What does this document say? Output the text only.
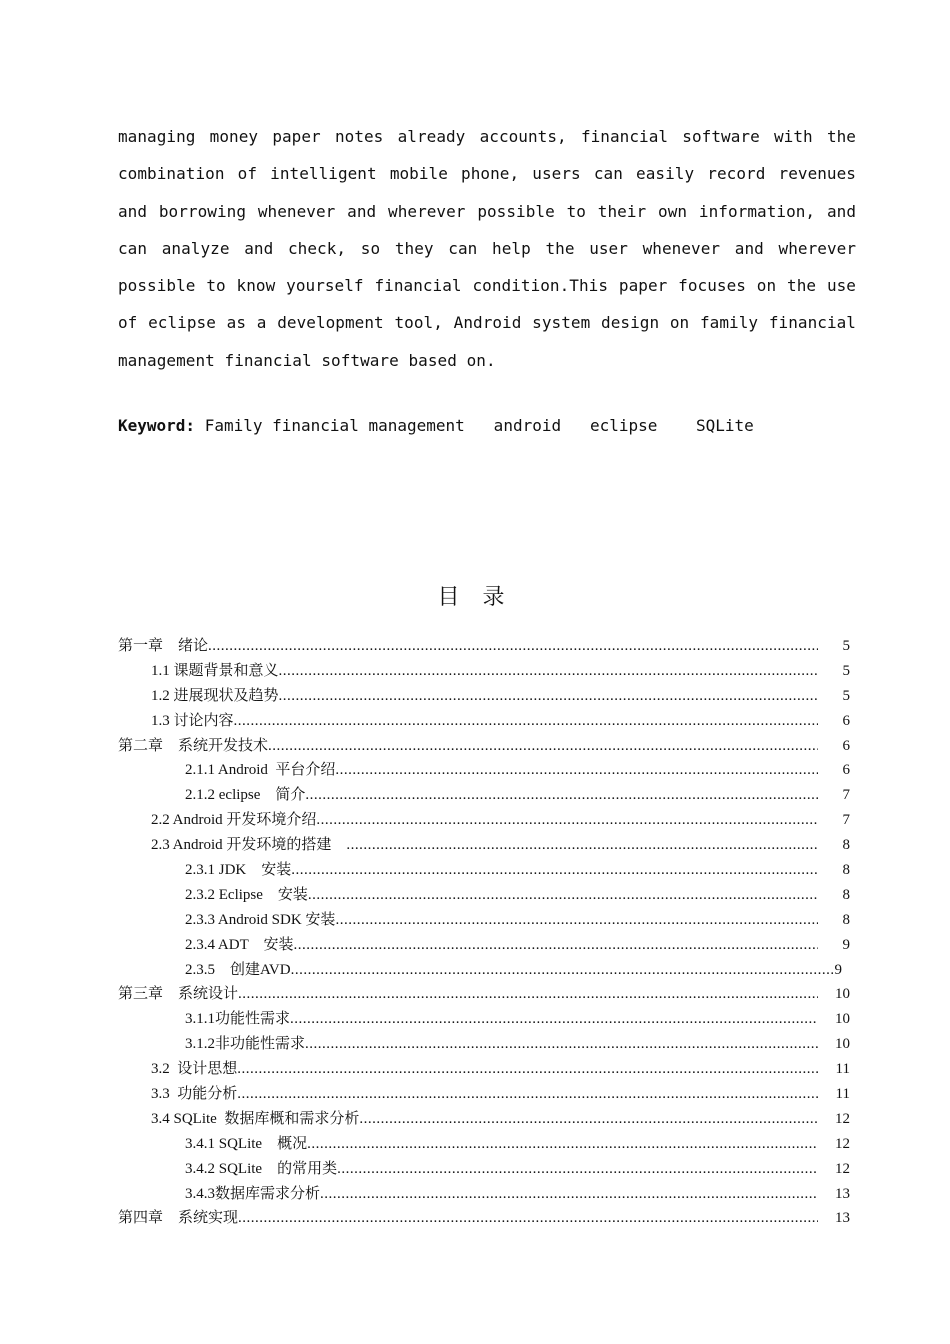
managing money paper notes already accounts, financial software with the combination of intelligent mobile phone, users can easily record revenues and borrowing whenever and wherever possible to their own information, and can analyze and check, so they can help the user whenever and wherever possible to know yourself financial condition.This paper focuses on the use of eclipse as a development tool, Android system design on family financial management financial software based on.

Keyword: Family financial management   android   eclipse    SQLite

目 录
第一章　绪论 .....	5
1.1 课题背景和意义 .....	5
1.2 进展现状及趋势 .....	5
1.3 讨论内容 .....	6
第二章　系统开发技术 .....	6
2.1.1 Android  平台介绍 .....	6
2.1.2 eclipse　简介 .....	7
2.2 Android 开发环境介绍 .....	7
2.3 Android 开发环境的搭建　 .....	8
2.3.1 JDK　安装 .....	8
2.3.2 Eclipse　安装 .....	8
2.3.3 Android SDK 安装 .....	8
2.3.4 ADT　安装 .....	9
2.3.5　创建AVD .....	9
第三章　系统设计 .....	10
3.1.1功能性需求 .....	10
3.1.2非功能性需求 .....	10
3.2  设计思想 .....	11
3.3  功能分析 .....	11
3.4 SQLite  数据库概和需求分析 .....	12
3.4.1 SQLite　概况 .....	12
3.4.2 SQLite　的常用类 .....	12
3.4.3数据库需求分析 .....	13
第四章　系统实现 .....	13
